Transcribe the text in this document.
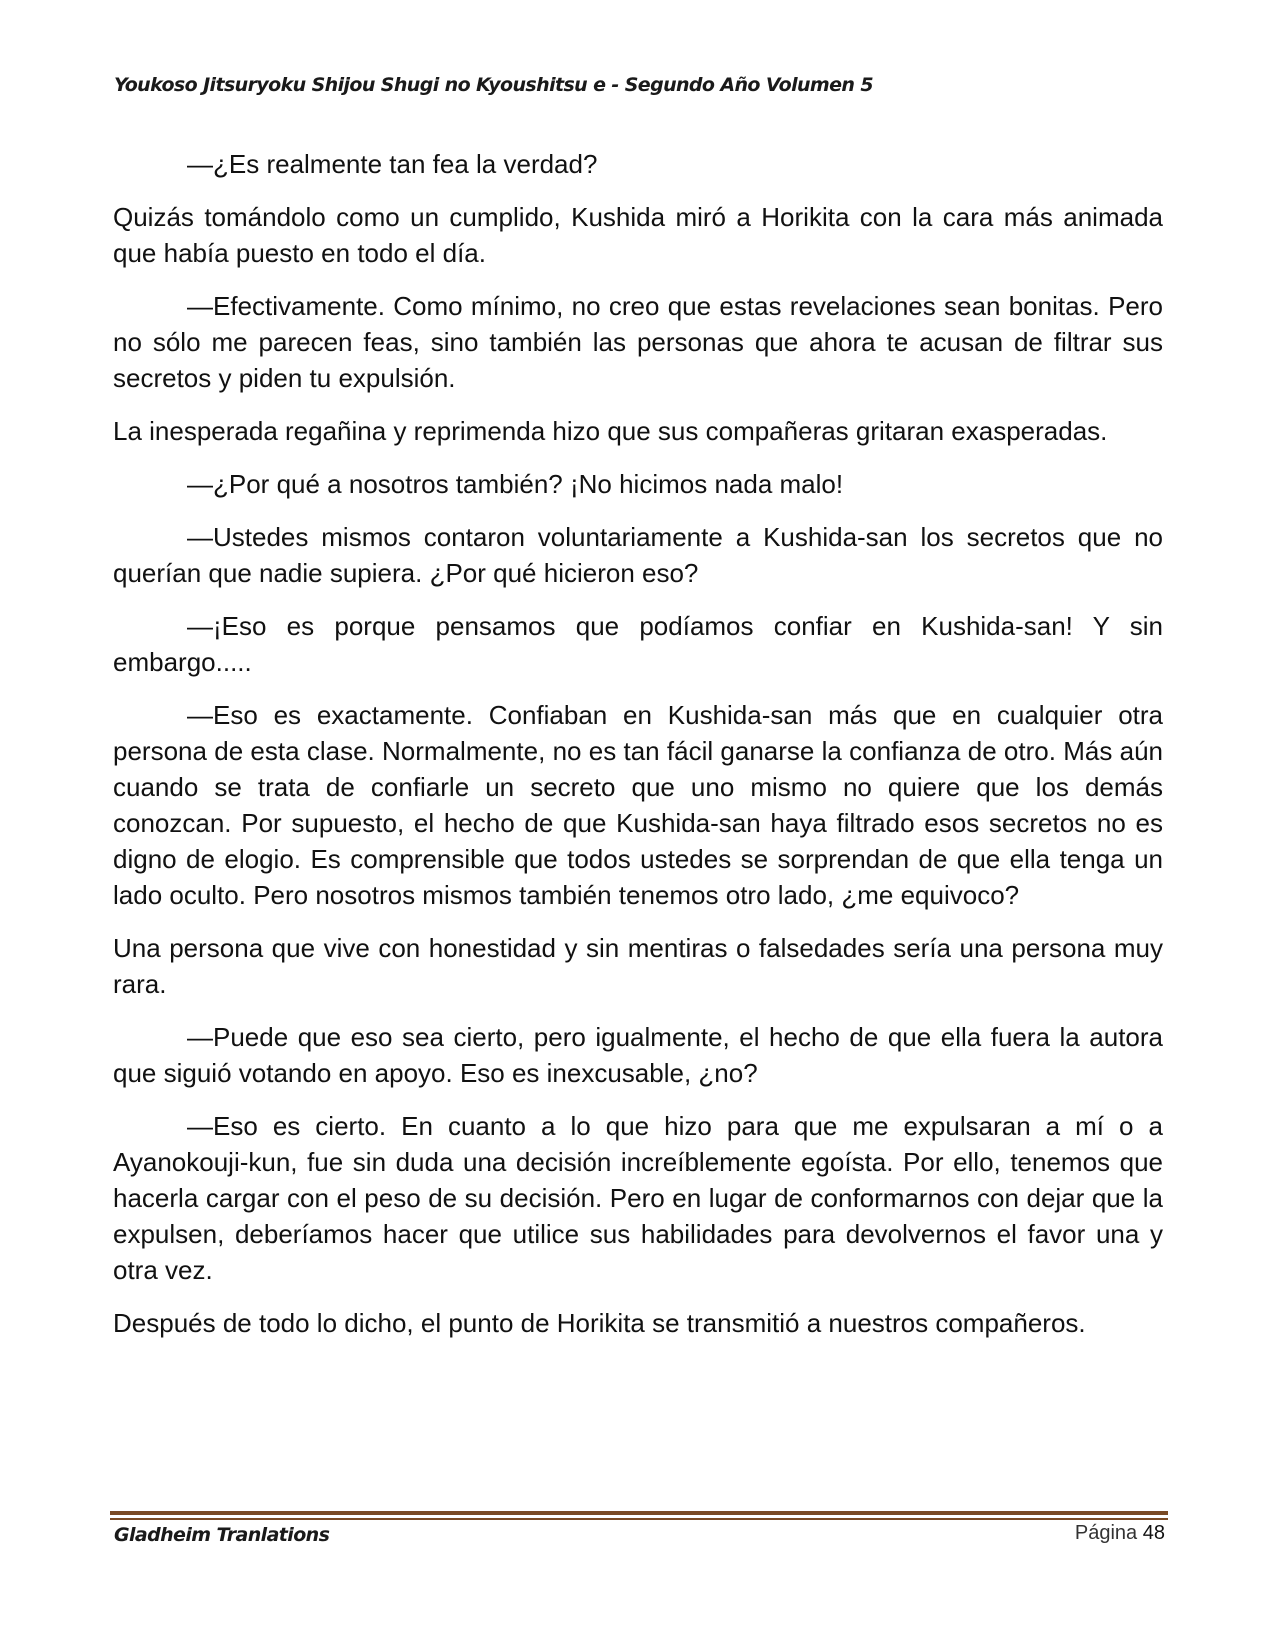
Youkoso Jitsuryoku Shijou Shugi no Kyoushitsu e - Segundo Año Volumen 5

—¿Es realmente tan fea la verdad?

Quizás tomándolo como un cumplido, Kushida miró a Horikita con la cara más animada que había puesto en todo el día.

—Efectivamente. Como mínimo, no creo que estas revelaciones sean bonitas. Pero no sólo me parecen feas, sino también las personas que ahora te acusan de filtrar sus secretos y piden tu expulsión.

La inesperada regañina y reprimenda hizo que sus compañeras gritaran exasperadas.

—¿Por qué a nosotros también? ¡No hicimos nada malo!

—Ustedes mismos contaron voluntariamente a Kushida-san los secretos que no querían que nadie supiera. ¿Por qué hicieron eso?

—¡Eso es porque pensamos que podíamos confiar en Kushida-san! Y sin embargo.....

—Eso es exactamente. Confiaban en Kushida-san más que en cualquier otra persona de esta clase. Normalmente, no es tan fácil ganarse la confianza de otro. Más aún cuando se trata de confiarle un secreto que uno mismo no quiere que los demás conozcan. Por supuesto, el hecho de que Kushida-san haya filtrado esos secretos no es digno de elogio. Es comprensible que todos ustedes se sorprendan de que ella tenga un lado oculto. Pero nosotros mismos también tenemos otro lado, ¿me equivoco?

Una persona que vive con honestidad y sin mentiras o falsedades sería una persona muy rara.

—Puede que eso sea cierto, pero igualmente, el hecho de que ella fuera la autora que siguió votando en apoyo. Eso es inexcusable, ¿no?

—Eso es cierto. En cuanto a lo que hizo para que me expulsaran a mí o a Ayanokouji-kun, fue sin duda una decisión increíblemente egoísta. Por ello, tenemos que hacerla cargar con el peso de su decisión. Pero en lugar de conformarnos con dejar que la expulsen, deberíamos hacer que utilice sus habilidades para devolvernos el favor una y otra vez.

Después de todo lo dicho, el punto de Horikita se transmitió a nuestros compañeros.

Gladheim Tranlations	Página 48
